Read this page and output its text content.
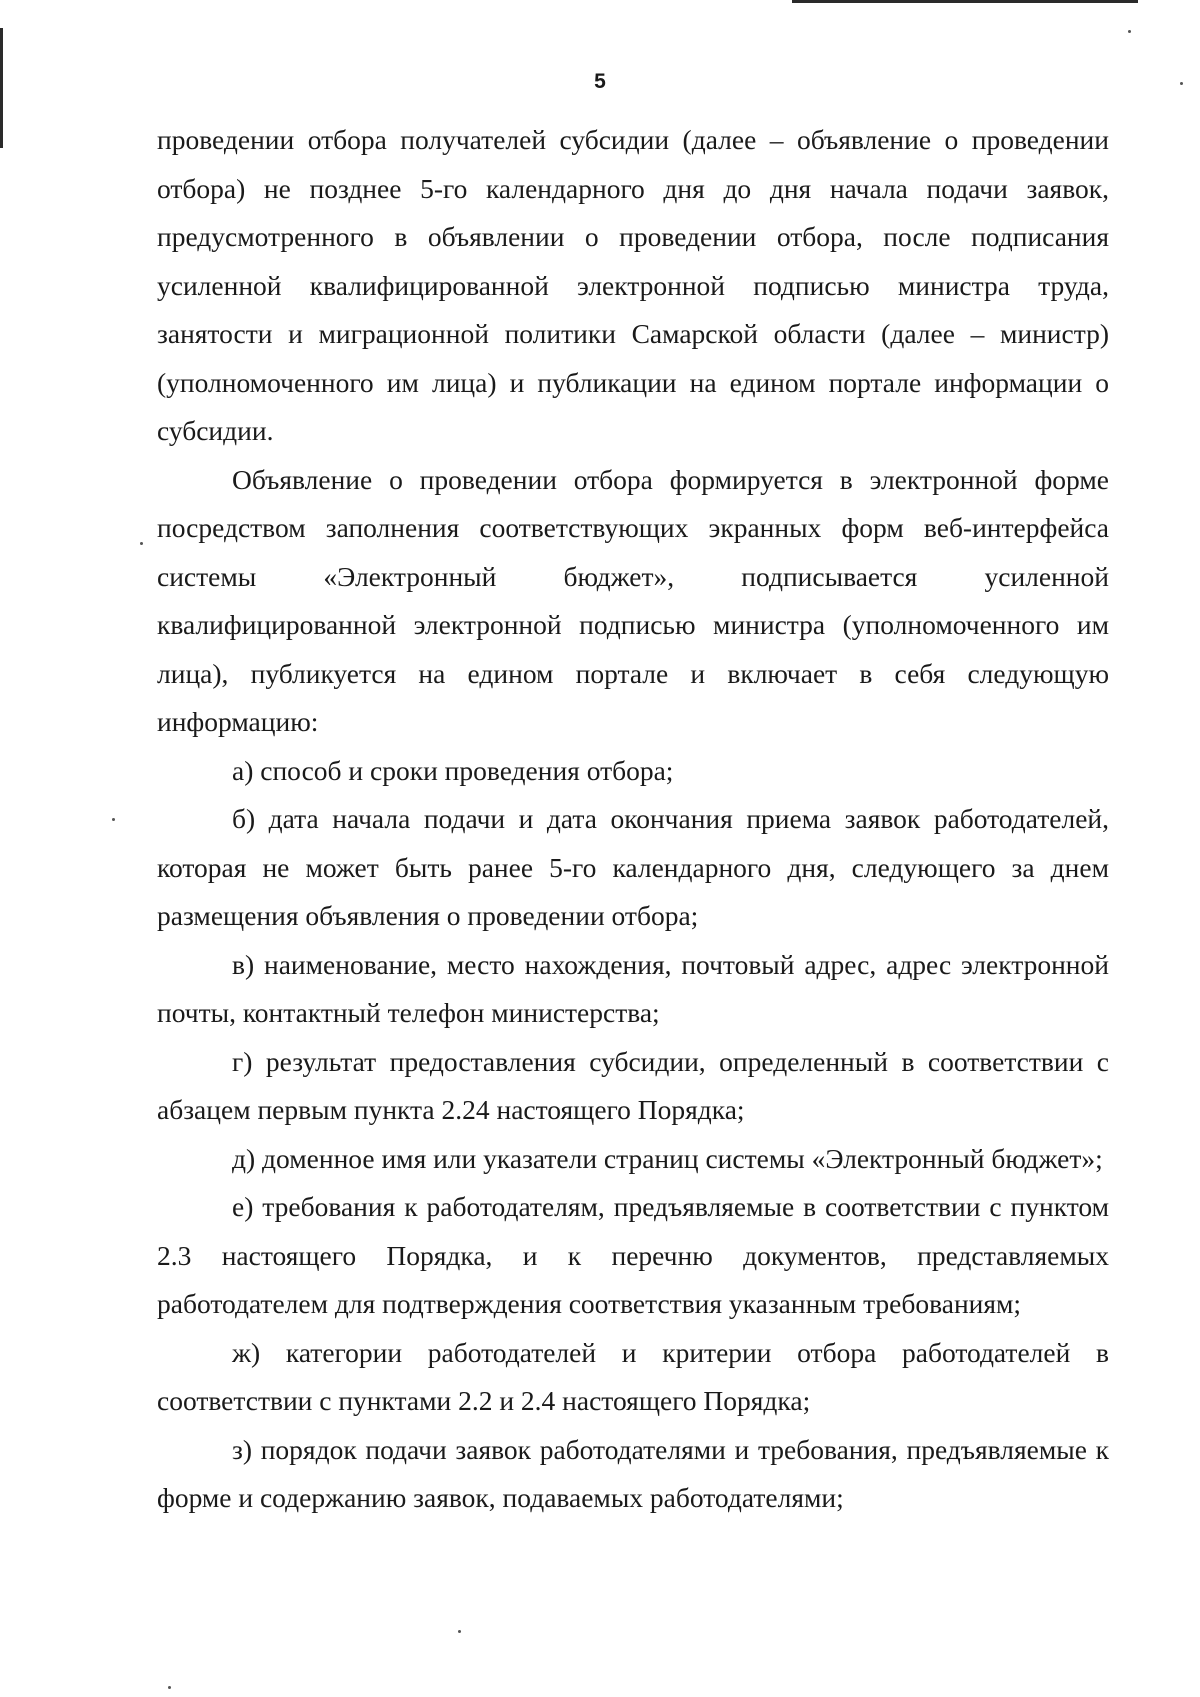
5

проведении отбора получателей субсидии (далее – объявление о проведении отбора) не позднее 5-го календарного дня до дня начала подачи заявок, предусмотренного в объявлении о проведении отбора, после подписания усиленной квалифицированной электронной подписью министра труда, занятости и миграционной политики Самарской области (далее – министр) (уполномоченного им лица) и публикации на едином портале информации о субсидии.

Объявление о проведении отбора формируется в электронной форме посредством заполнения соответствующих экранных форм веб-интерфейса системы «Электронный бюджет», подписывается усиленной квалифицированной электронной подписью министра (уполномоченного им лица), публикуется на едином портале и включает в себя следующую информацию:

а) способ и сроки проведения отбора;

б) дата начала подачи и дата окончания приема заявок работодателей, которая не может быть ранее 5-го календарного дня, следующего за днем размещения объявления о проведении отбора;

в) наименование, место нахождения, почтовый адрес, адрес электронной почты, контактный телефон министерства;

г) результат предоставления субсидии, определенный в соответствии с абзацем первым пункта 2.24 настоящего Порядка;

д) доменное имя или указатели страниц системы «Электронный бюджет»;

е) требования к работодателям, предъявляемые в соответствии с пунктом 2.3 настоящего Порядка, и к перечню документов, представляемых работодателем для подтверждения соответствия указанным требованиям;

ж) категории работодателей и критерии отбора работодателей в соответствии с пунктами 2.2 и 2.4 настоящего Порядка;

з) порядок подачи заявок работодателями и требования, предъявляемые к форме и содержанию заявок, подаваемых работодателями;
